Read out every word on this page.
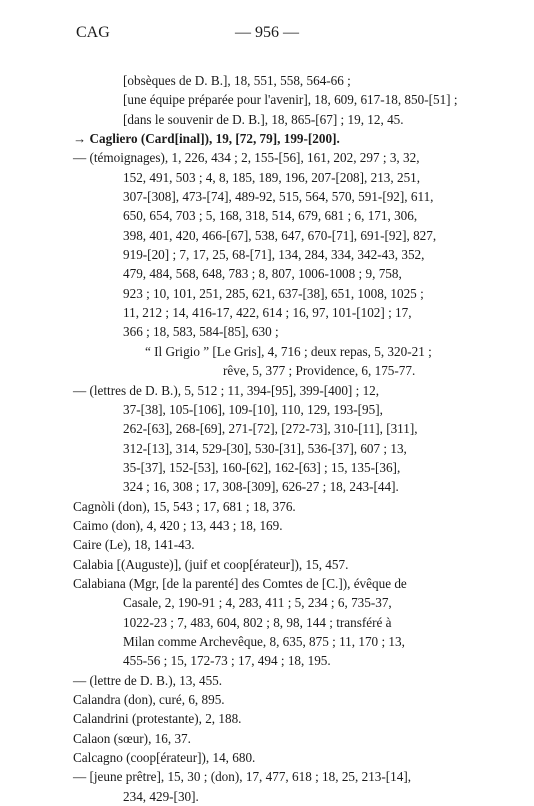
CAG	— 956 —
[obsèques de D. B.], 18, 551, 558, 564-66 ;
[une équipe préparée pour l'avenir], 18, 609, 617-18, 850-[51] ;
[dans le souvenir de D. B.], 18, 865-[67] ; 19, 12, 45.
→ Cagliero (Card[inal]), 19, [72, 79], 199-[200].
— (témoignages), 1, 226, 434 ; 2, 155-[56], 161, 202, 297 ; 3, 32,
152, 491, 503 ; 4, 8, 185, 189, 196, 207-[208], 213, 251,
307-[308], 473-[74], 489-92, 515, 564, 570, 591-[92], 611,
650, 654, 703 ; 5, 168, 318, 514, 679, 681 ; 6, 171, 306,
398, 401, 420, 466-[67], 538, 647, 670-[71], 691-[92], 827,
919-[20] ; 7, 17, 25, 68-[71], 134, 284, 334, 342-43, 352,
479, 484, 568, 648, 783 ; 8, 807, 1006-1008 ; 9, 758,
923 ; 10, 101, 251, 285, 621, 637-[38], 651, 1008, 1025 ;
11, 212 ; 14, 416-17, 422, 614 ; 16, 97, 101-[102] ; 17,
366 ; 18, 583, 584-[85], 630 ;
“ Il Grigio ” [Le Gris], 4, 716 ; deux repas, 5, 320-21 ;
rêve, 5, 377 ; Providence, 6, 175-77.
— (lettres de D. B.), 5, 512 ; 11, 394-[95], 399-[400] ; 12,
37-[38], 105-[106], 109-[10], 110, 129, 193-[95],
262-[63], 268-[69], 271-[72], [272-73], 310-[11], [311],
312-[13], 314, 529-[30], 530-[31], 536-[37], 607 ; 13,
35-[37], 152-[53], 160-[62], 162-[63] ; 15, 135-[36],
324 ; 16, 308 ; 17, 308-[309], 626-27 ; 18, 243-[44].
Cagnòli (don), 15, 543 ; 17, 681 ; 18, 376.
Caimo (don), 4, 420 ; 13, 443 ; 18, 169.
Caire (Le), 18, 141-43.
Calabia [(Auguste)], (juif et coop[érateur]), 15, 457.
Calabiana (Mgr, [de la parenté] des Comtes de [C.]), évêque de
Casale, 2, 190-91 ; 4, 283, 411 ; 5, 234 ; 6, 735-37,
1022-23 ; 7, 483, 604, 802 ; 8, 98, 144 ; transféré à
Milan comme Archevêque, 8, 635, 875 ; 11, 170 ; 13,
455-56 ; 15, 172-73 ; 17, 494 ; 18, 195.
— (lettre de D. B.), 13, 455.
Calandra (don), curé, 6, 895.
Calandrini (protestante), 2, 188.
Calaon (sœur), 16, 37.
Calcagno (coop[érateur]), 14, 680.
— [jeune prêtre], 15, 30 ; (don), 17, 477, 618 ; 18, 25, 213-[14],
234, 429-[30].
